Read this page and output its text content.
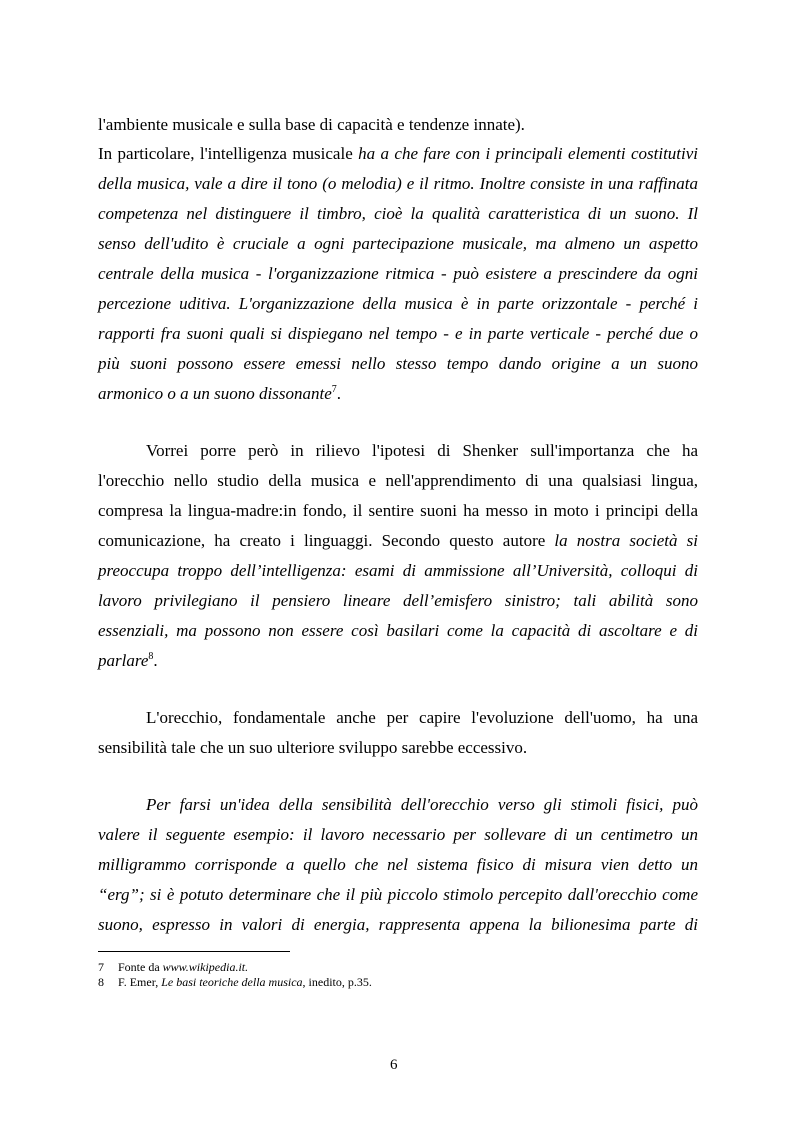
l'ambiente musicale e sulla base di capacità e tendenze innate).
In particolare, l'intelligenza musicale ha a che fare con i principali elementi costitutivi
della musica, vale a dire il tono (o melodia) e il ritmo. Inoltre consiste in una raffinata
competenza nel distinguere il timbro, cioè la qualità caratteristica di un suono. Il
senso dell'udito è cruciale a ogni partecipazione musicale, ma almeno un aspetto
centrale della musica - l'organizzazione ritmica - può esistere a prescindere da ogni
percezione uditiva. L'organizzazione della musica è in parte orizzontale - perché i
rapporti fra suoni quali si dispiegano nel tempo - e in parte verticale - perché due o
più suoni possono essere emessi nello stesso tempo dando origine a un suono
armonico o a un suono dissonante$^7$.
Vorrei porre però in rilievo l'ipotesi di Shenker sull'importanza che ha
l'orecchio nello studio della musica e nell'apprendimento di una qualsiasi lingua,
compresa la lingua-madre:in fondo, il sentire suoni ha messo in moto i principi della
comunicazione, ha creato i linguaggi. Secondo questo autore la nostra società si
preoccupa troppo dell’intelligenza: esami di ammissione all’Università, colloqui di
lavoro privilegiano il pensiero lineare dell’emisfero sinistro; tali abilità sono
essenziali, ma possono non essere così basilari come la capacità di ascoltare e di
parlare$^8$.
L'orecchio, fondamentale anche per capire l'evoluzione dell'uomo, ha una
sensibilità tale che un suo ulteriore sviluppo sarebbe eccessivo.
Per farsi un'idea della sensibilità dell'orecchio verso gli stimoli fisici, può
valere il seguente esempio: il lavoro necessario per sollevare di un centimetro un
milligrammo corrisponde a quello che nel sistema fisico di misura vien detto un
“erg”; si è potuto determinare che il più piccolo stimolo percepito dall'orecchio come
suono, espresso in valori di energia, rappresenta appena la bilionesima parte di
7 Fonte da www.wikipedia.it.
8 F. Emer, Le basi teoriche della musica, inedito, p.35.
6
